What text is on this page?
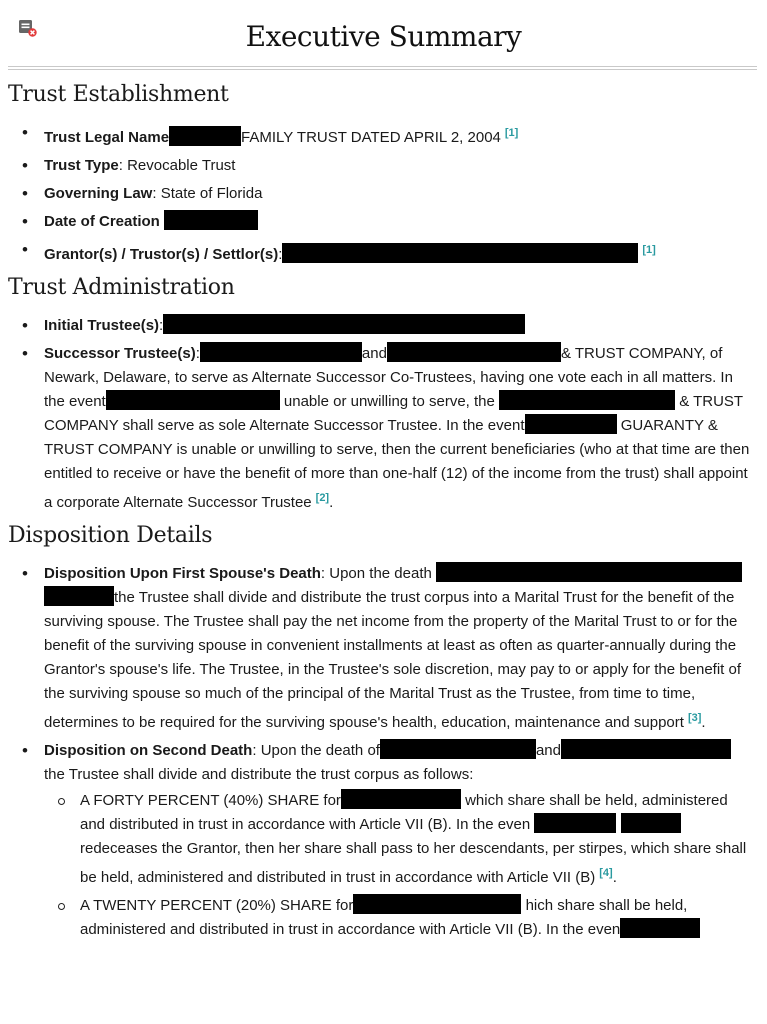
Executive Summary
Trust Establishment
• Trust Legal Name	FAMILY TRUST DATED APRIL 2, 2004 [1]
• Trust Type: Revocable Trust
• Governing Law: State of Florida
• Date of Creation
• Grantor(s) / Trustor(s) / Settlor(s):	[1]
Trust Administration
• Initial Trustee(s):
• Successor Trustee(s):	and	& TRUST COMPANY, of Newark, Delaware, to serve as Alternate Successor Co-Trustees, having one vote each in all matters. In the event	unable or unwilling to serve, the	& TRUST COMPANY shall serve as sole Alternate Successor Trustee. In the event	GUARANTY & TRUST COMPANY is unable or unwilling to serve, then the current beneficiaries (who at that time are then entitled to receive or have the benefit of more than one-half (12) of the income from the trust) shall appoint a corporate Alternate Successor Trustee [2].
Disposition Details
• Disposition Upon First Spouse's Death: Upon the death  the Trustee shall divide and distribute the trust corpus into a Marital Trust for the benefit of the surviving spouse. The Trustee shall pay the net income from the property of the Marital Trust to or for the benefit of the surviving spouse in convenient installments at least as often as quarter-annually during the Grantor's spouse's life. The Trustee, in the Trustee's sole discretion, may pay to or apply for the benefit of the surviving spouse so much of the principal of the Marital Trust as the Trustee, from time to time, determines to be required for the surviving spouse's health, education, maintenance and support [3].
• Disposition on Second Death: Upon the death of	and the Trustee shall divide and distribute the trust corpus as follows:
A FORTY PERCENT (40%) SHARE for	which share shall be held, administered and distributed in trust in accordance with Article VII (B). In the even   redeceases the Grantor, then her share shall pass to her descendants, per stirpes, which share shall be held, administered and distributed in trust in accordance with Article VII (B) [4].
A TWENTY PERCENT (20%) SHARE for	hich share shall be held, administered and distributed in trust in accordance with Article VII (B). In the even
